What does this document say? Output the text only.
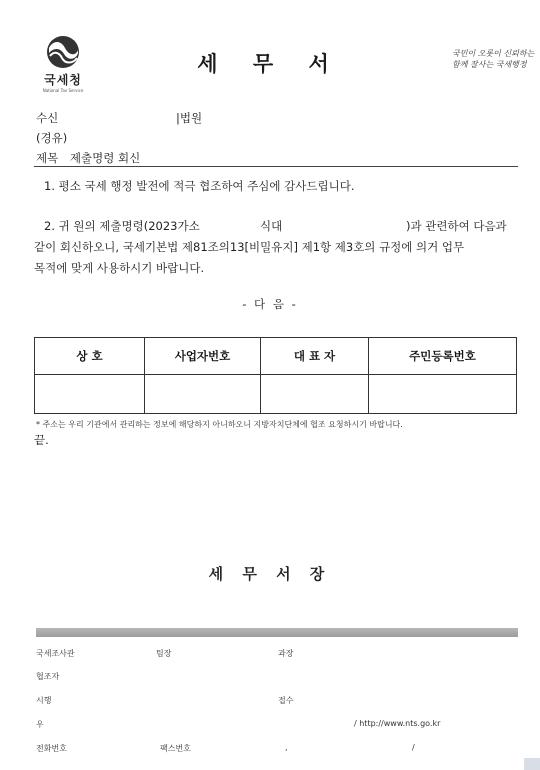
국세청
National Tax Service
세 무 서	국민이 오롯이 신뢰하는
함께 잘사는 국세행정
수신	|법원
(경유)
제목 제출명령 회신

1. 평소 국세 행정 발전에 적극 협조하여 주심에 감사드립니다.

2. 귀 원의 제출명령(2023가소	식대	)과 관련하여 다음과

같이 회신하오니, 국세기본법 제81조의13[비밀유지] 제1항 제3호의 규정에 의거 업무

목적에 맞게 사용하시기 바랍니다.

- 다 음 -
상 호	사업자번호	대 표 자	주민등록번호

* 주소는 우리 기관에서 관리하는 정보에 해당하지 아니하오니 지방자치단체에 협조 요청하시기 바랍니다.
끝.
세 무 서 장
국세조사관	팀장	과장
협조자
시행	접수
우	/ http://www.nts.go.kr
전화번호	팩스번호	,	/
